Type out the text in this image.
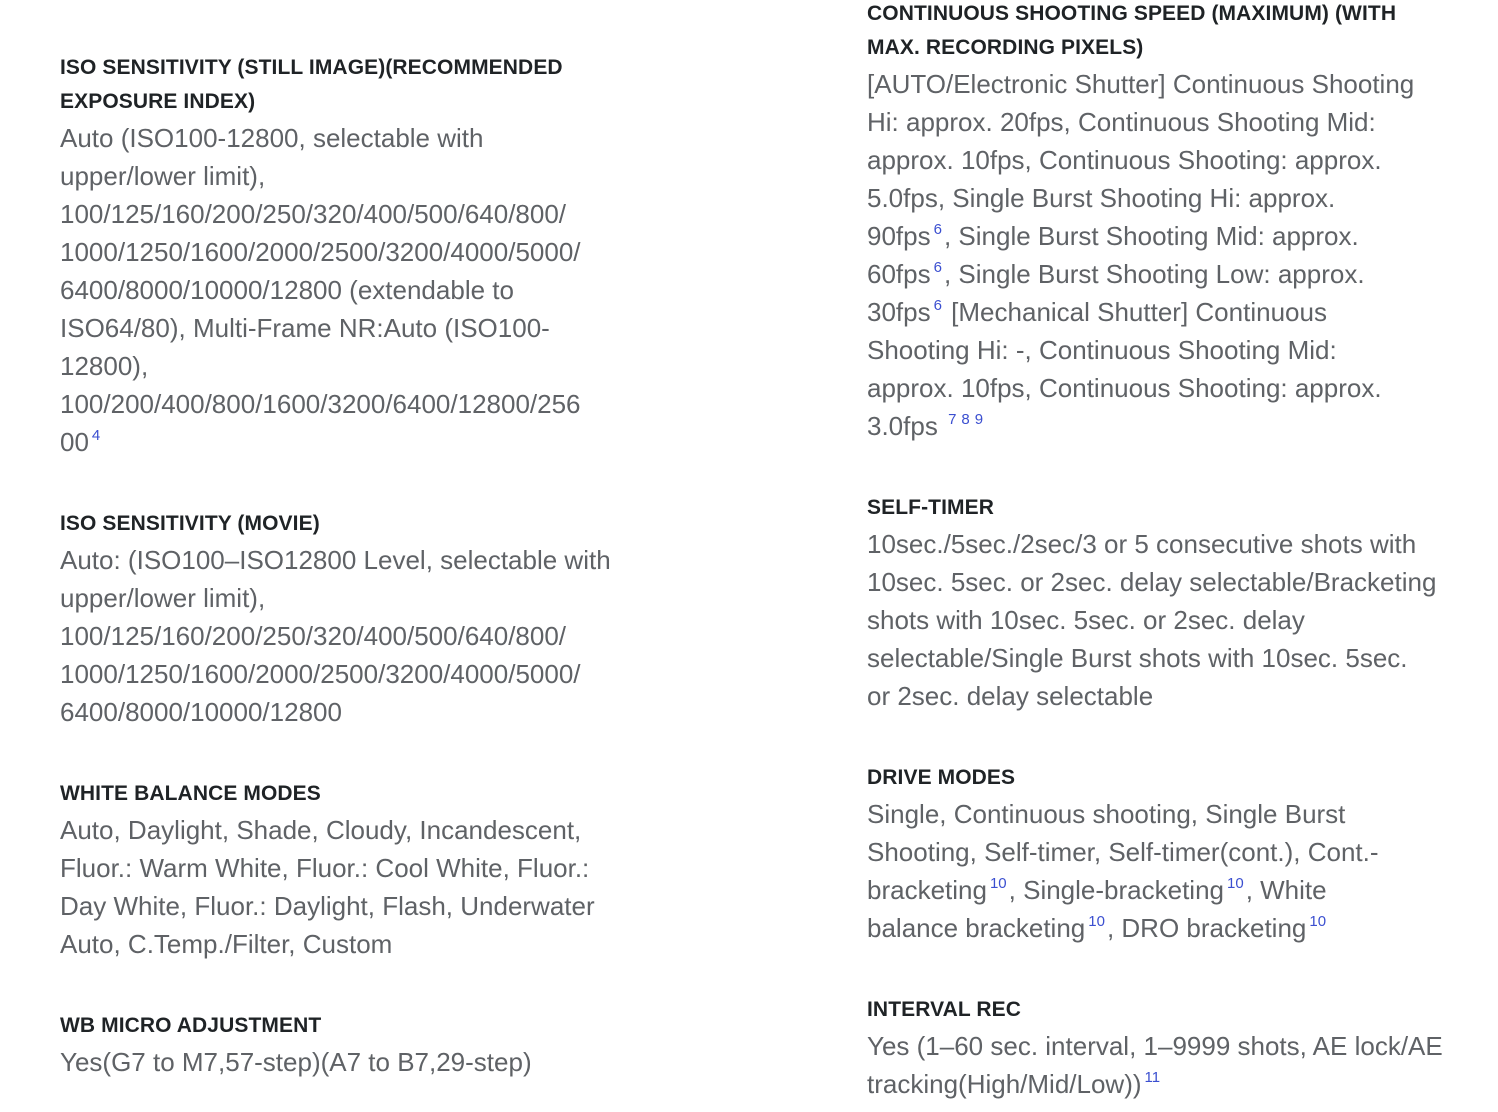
ISO SENSITIVITY (STILL IMAGE)(RECOMMENDED
EXPOSURE INDEX)
Auto (ISO100-12800, selectable with
upper/lower limit),
100/125/160/200/250/320/400/500/640/800/
1000/1250/1600/2000/2500/3200/4000/5000/
6400/8000/10000/12800 (extendable to
ISO64/80), Multi-Frame NR:Auto (ISO100-
12800),
100/200/400/800/1600/3200/6400/12800/256
00 $^4$
ISO SENSITIVITY (MOVIE)
Auto: (ISO100–ISO12800 Level, selectable with
upper/lower limit),
100/125/160/200/250/320/400/500/640/800/
1000/1250/1600/2000/2500/3200/4000/5000/
6400/8000/10000/12800
WHITE BALANCE MODES
Auto, Daylight, Shade, Cloudy, Incandescent,
Fluor.: Warm White, Fluor.: Cool White, Fluor.:
Day White, Fluor.: Daylight, Flash, Underwater
Auto, C.Temp./Filter, Custom
WB MICRO ADJUSTMENT
Yes(G7 to M7,57-step)(A7 to B7,29-step)
CONTINUOUS SHOOTING SPEED (MAXIMUM) (WITH
MAX. RECORDING PIXELS)
[AUTO/Electronic Shutter] Continuous Shooting
Hi: approx. 20fps, Continuous Shooting Mid:
approx. 10fps, Continuous Shooting: approx.
5.0fps, Single Burst Shooting Hi: approx.
90fps $^6$, Single Burst Shooting Mid: approx.
60fps $^6$, Single Burst Shooting Low: approx.
30fps $^6$ [Mechanical Shutter] Continuous
Shooting Hi: -, Continuous Shooting Mid:
approx. 10fps, Continuous Shooting: approx.
3.0fps $^7$ $^8$ $^9$
SELF-TIMER
10sec./5sec./2sec/3 or 5 consecutive shots with
10sec. 5sec. or 2sec. delay selectable/Bracketing
shots with 10sec. 5sec. or 2sec. delay
selectable/Single Burst shots with 10sec. 5sec.
or 2sec. delay selectable
DRIVE MODES
Single, Continuous shooting, Single Burst
Shooting, Self-timer, Self-timer(cont.), Cont.-
bracketing $^{10}$, Single-bracketing $^{10}$, White
balance bracketing $^{10}$, DRO bracketing $^{10}$
INTERVAL REC
Yes (1–60 sec. interval, 1–9999 shots, AE lock/AE
tracking(High/Mid/Low)) $^{11}$
